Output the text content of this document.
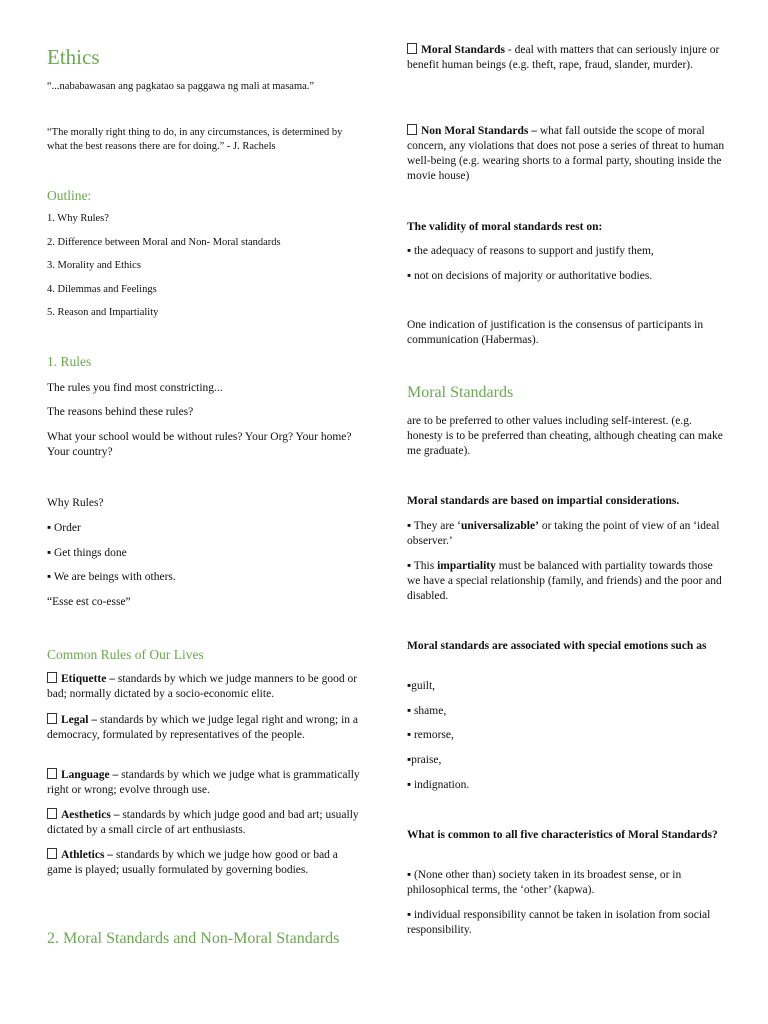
Ethics
“...nababawasan ang pagkatao sa paggawa ng mali at masama.”
“The morally right thing to do, in any circumstances, is determined by what the best reasons there are for doing.” - J. Rachels
Outline:
1. Why Rules?
2. Difference between Moral and Non- Moral standards
3. Morality and Ethics
4. Dilemmas and Feelings
5. Reason and Impartiality
1. Rules
The rules you find most constricting...
The reasons behind these rules?
What your school would be without rules? Your Org? Your home? Your country?
Why Rules?
▪ Order
▪ Get things done
▪ We are beings with others.
“Esse est co-esse”
Common Rules of Our Lives
Etiquette – standards by which we judge manners to be good or bad; normally dictated by a socio-economic elite.
Legal – standards by which we judge legal right and wrong; in a democracy, formulated by representatives of the people.
Language – standards by which we judge what is grammatically right or wrong; evolve through use.
Aesthetics – standards by which judge good and bad art; usually dictated by a small circle of art enthusiasts.
Athletics – standards by which we judge how good or bad a game is played; usually formulated by governing bodies.
2. Moral Standards and Non-Moral Standards
Moral Standards - deal with matters that can seriously injure or benefit human beings (e.g. theft, rape, fraud, slander, murder).
Non Moral Standards – what fall outside the scope of moral concern, any violations that does not pose a series of threat to human well-being (e.g. wearing shorts to a formal party, shouting inside the movie house)
The validity of moral standards rest on:
▪ the adequacy of reasons to support and justify them,
▪ not on decisions of majority or authoritative bodies.
One indication of justification is the consensus of participants in communication (Habermas).
Moral Standards
are to be preferred to other values including self-interest. (e.g. honesty is to be preferred than cheating, although cheating can make me graduate).
Moral standards are based on impartial considerations.
▪ They are ‘universalizable’ or taking the point of view of an ‘ideal observer.’
▪ This impartiality must be balanced with partiality towards those we have a special relationship (family, and friends) and the poor and disabled.
Moral standards are associated with special emotions such as
▪guilt,
▪ shame,
▪ remorse,
▪praise,
▪ indignation.
What is common to all five characteristics of Moral Standards?
▪ (None other than) society taken in its broadest sense, or in philosophical terms, the ‘other’ (kapwa).
▪ individual responsibility cannot be taken in isolation from social responsibility.
